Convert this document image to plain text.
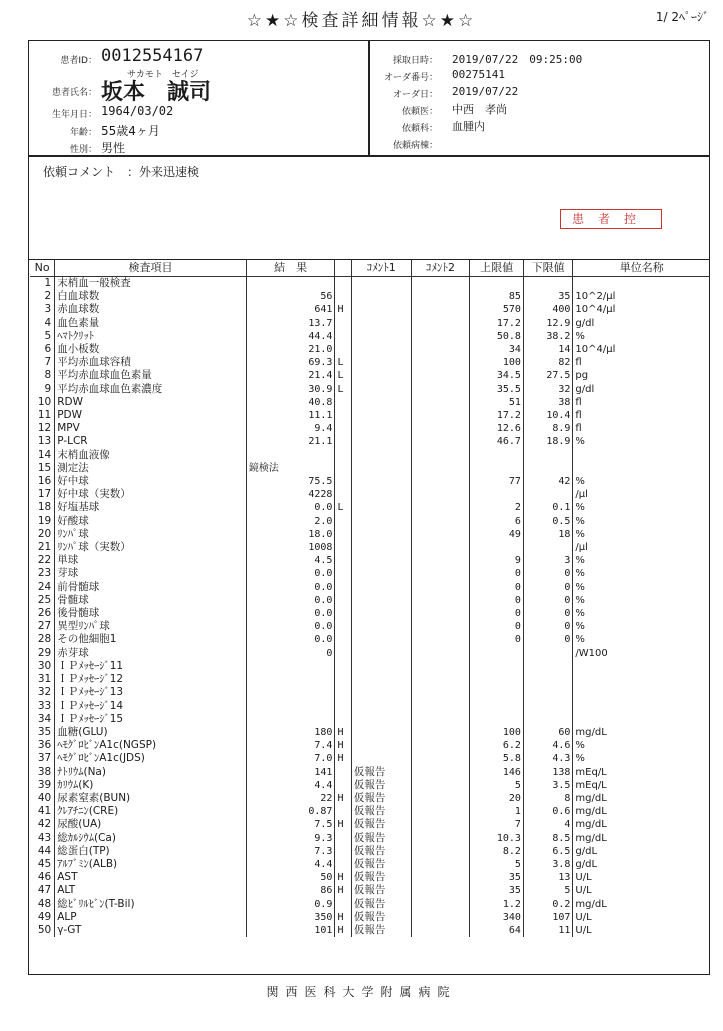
☆★☆検査詳細情報☆★☆	1/ 2ﾍﾟｰｼﾞ
患者ID： 0012554167
サカモト　セイジ
患者氏名： 坂本　誠司
生年月日： 1964/03/02
年齢： 55歳4ヶ月
性別： 男性
採取日時： 2019/07/22　09:25:00
オーダ番号： 00275141
オーダ日： 2019/07/22
依頼医： 中西　孝尚
依頼科： 血腫内
依頼病棟：
依頼コメント　：外来迅速検
患者控
No	検査項目	結　果		ｺﾒﾝﾄ1	ｺﾒﾝﾄ2	上限値	下限値	単位名称
1	末梢血一般検査							
2	白血球数	56				85	35	10^2/μl
3	赤血球数	641	H			570	400	10^4/μl
4	血色素量	13.7				17.2	12.9	g/dl
5	ﾍﾏﾄｸﾘｯﾄ	44.4				50.8	38.2	%
6	血小板数	21.0				34	14	10^4/μl
7	平均赤血球容積	69.3	L			100	82	fl
8	平均赤血球血色素量	21.4	L			34.5	27.5	pg
9	平均赤血球血色素濃度	30.9	L			35.5	32	g/dl
10	RDW	40.8				51	38	fl
11	PDW	11.1				17.2	10.4	fl
12	MPV	9.4				12.6	8.9	fl
13	P-LCR	21.1				46.7	18.9	%
14	末梢血液像							
15	測定法	鏡検法						
16	好中球	75.5				77	42	%
17	好中球（実数）	4228						/μl
18	好塩基球	0.0	L			2	0.1	%
19	好酸球	2.0				6	0.5	%
20	ﾘﾝﾊﾟ球	18.0				49	18	%
21	ﾘﾝﾊﾟ球（実数）	1008						/μl
22	単球	4.5				9	3	%
23	芽球	0.0				0	0	%
24	前骨髄球	0.0				0	0	%
25	骨髄球	0.0				0	0	%
26	後骨髄球	0.0				0	0	%
27	異型ﾘﾝﾊﾟ球	0.0				0	0	%
28	その他細胞1	0.0				0	0	%
29	赤芽球	0						/W100
30	ＩＰﾒｯｾｰｼﾞ11							
31	ＩＰﾒｯｾｰｼﾞ12							
32	ＩＰﾒｯｾｰｼﾞ13							
33	ＩＰﾒｯｾｰｼﾞ14							
34	ＩＰﾒｯｾｰｼﾞ15							
35	血糖(GLU)	180	H			100	60	mg/dL
36	ﾍﾓｸﾞﾛﾋﾞﾝA1c(NGSP)	7.4	H			6.2	4.6	%
37	ﾍﾓｸﾞﾛﾋﾞﾝA1c(JDS)	7.0	H			5.8	4.3	%
38	ﾅﾄﾘｳﾑ(Na)	141		仮報告		146	138	mEq/L
39	ｶﾘｳﾑ(K)	4.4		仮報告		5	3.5	mEq/L
40	尿素窒素(BUN)	22	H	仮報告		20	8	mg/dL
41	ｸﾚｱﾁﾆﾝ(CRE)	0.87		仮報告		1	0.6	mg/dL
42	尿酸(UA)	7.5	H	仮報告		7	4	mg/dL
43	総ｶﾙｼｳﾑ(Ca)	9.3		仮報告		10.3	8.5	mg/dL
44	総蛋白(TP)	7.3		仮報告		8.2	6.5	g/dL
45	ｱﾙﾌﾞﾐﾝ(ALB)	4.4		仮報告		5	3.8	g/dL
46	AST	50	H	仮報告		35	13	U/L
47	ALT	86	H	仮報告		35	5	U/L
48	総ﾋﾞﾘﾙﾋﾞﾝ(T-Bil)	0.9		仮報告		1.2	0.2	mg/dL
49	ALP	350	H	仮報告		340	107	U/L
50	γ-GT	101	H	仮報告		64	11	U/L
関西医科大学附属病院
